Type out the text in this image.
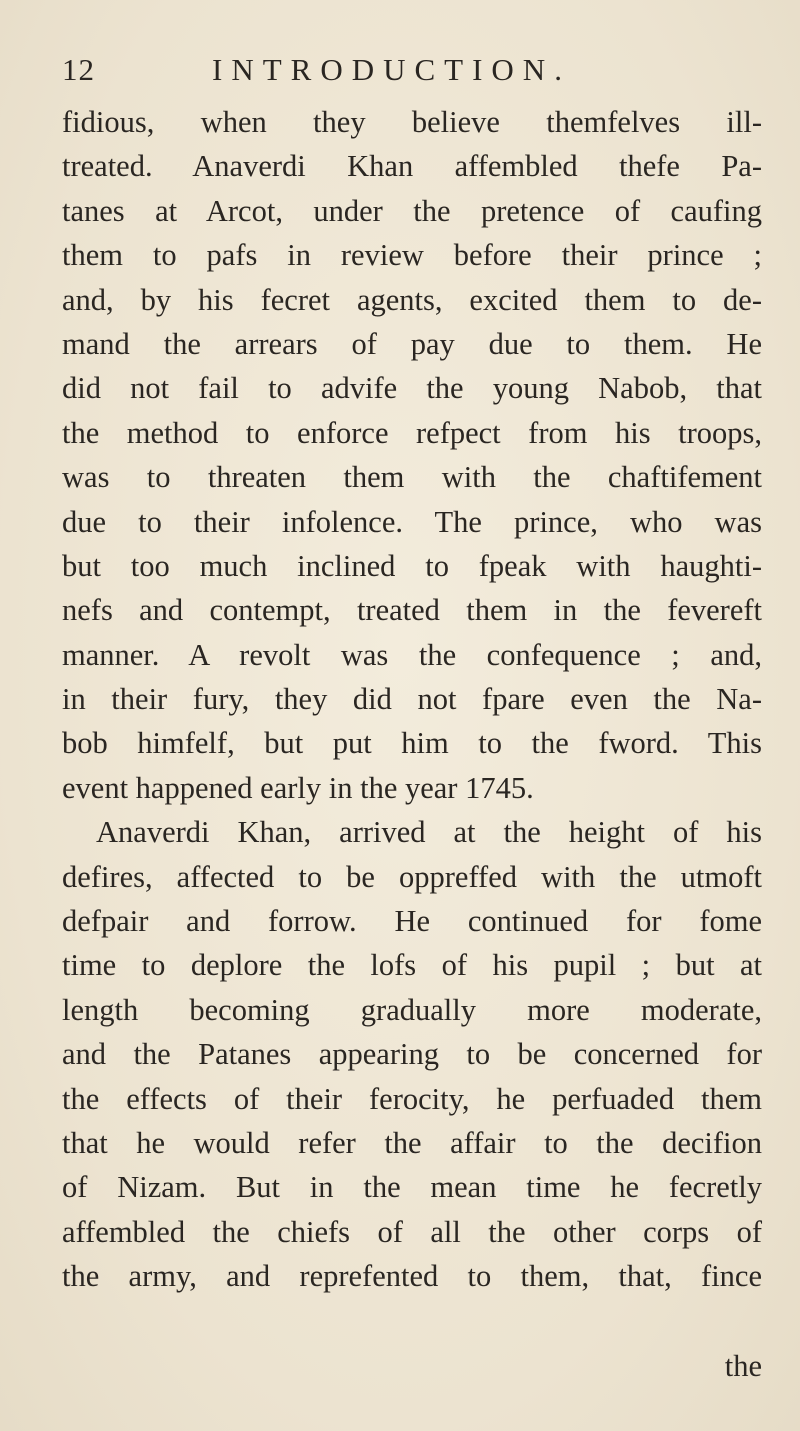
12	INTRODUCTION.
fidious, when they believe themfelves ill-
treated. Anaverdi Khan affembled thefe Pa-
tanes at Arcot, under the pretence of caufing
them to pafs in review before their prince ;
and, by his fecret agents, excited them to de-
mand the arrears of pay due to them. He
did not fail to advife the young Nabob, that
the method to enforce refpect from his troops,
was to threaten them with the chaftifement
due to their infolence. The prince, who was
but too much inclined to fpeak with haughti-
nefs and contempt, treated them in the fevereft
manner. A revolt was the confequence ; and,
in their fury, they did not fpare even the Na-
bob himfelf, but put him to the fword. This
event happened early in the year 1745.
Anaverdi Khan, arrived at the height of his
defires, affected to be oppreffed with the utmoft
defpair and forrow. He continued for fome
time to deplore the lofs of his pupil ; but at
length becoming gradually more moderate,
and the Patanes appearing to be concerned for
the effects of their ferocity, he perfuaded them
that he would refer the affair to the decifion
of Nizam. But in the mean time he fecretly
affembled the chiefs of all the other corps of
the army, and reprefented to them, that, fince
the
